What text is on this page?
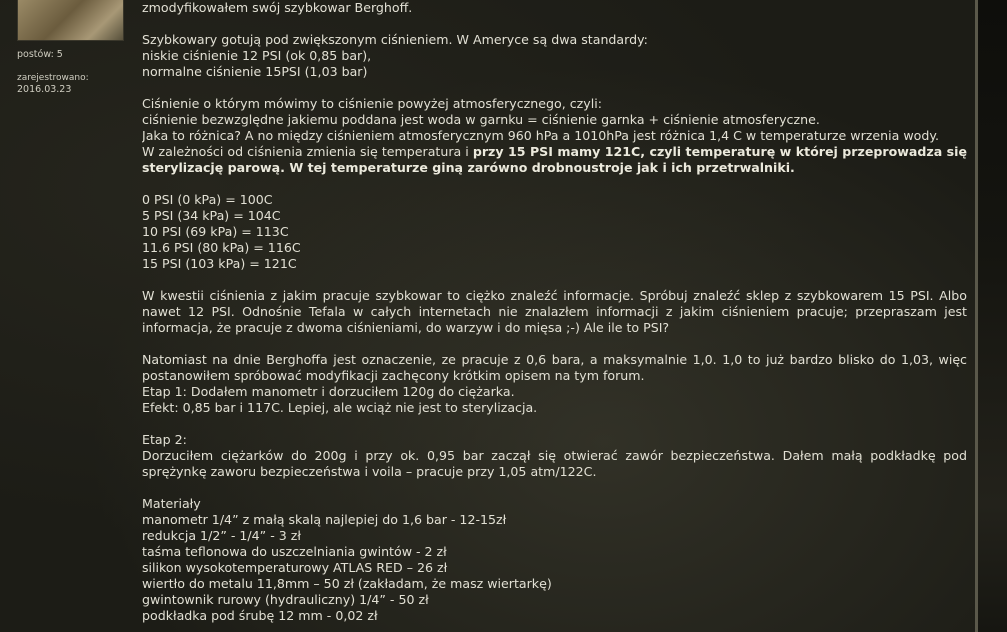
postów: 5
zarejestrowano:
2016.03.23
zmodyfikowałem swój szybkowar Berghoff.
Szybkowary gotują pod zwiększonym ciśnieniem. W Ameryce są dwa standardy:
niskie ciśnienie 12 PSI (ok 0,85 bar),
normalne ciśnienie 15PSI (1,03 bar)
Ciśnienie o którym mówimy to ciśnienie powyżej atmosferycznego, czyli:
ciśnienie bezwzględne jakiemu poddana jest woda w garnku = ciśnienie garnka + ciśnienie atmosferyczne.
Jaka to różnica? A no między ciśnieniem atmosferycznym 960 hPa a 1010hPa jest różnica 1,4 C w temperaturze wrzenia wody.
W zależności od ciśnienia zmienia się temperatura i przy 15 PSI mamy 121C, czyli temperaturę w której przeprowadza się sterylizację parową. W tej temperaturze giną zarówno drobnoustroje jak i ich przetrwalniki.
0 PSI (0 kPa) = 100C
5 PSI (34 kPa) = 104C
10 PSI (69 kPa) = 113C
11.6 PSI (80 kPa) = 116C
15 PSI (103 kPa) = 121C
W kwestii ciśnienia z jakim pracuje szybkowar to ciężko znaleźć informacje. Spróbuj znaleźć sklep z szybkowarem 15 PSI. Albo nawet 12 PSI. Odnośnie Tefala w całych internetach nie znalazłem informacji z jakim ciśnieniem pracuje; przepraszam jest informacja, że pracuje z dwoma ciśnieniami, do warzyw i do mięsa ;-) Ale ile to PSI?
Natomiast na dnie Berghoffa jest oznaczenie, ze pracuje z 0,6 bara, a maksymalnie 1,0. 1,0 to już bardzo blisko do 1,03, więc postanowiłem spróbować modyfikacji zachęcony krótkim opisem na tym forum.
Etap 1: Dodałem manometr i dorzuciłem 120g do ciężarka.
Efekt: 0,85 bar i 117C. Lepiej, ale wciąż nie jest to sterylizacja.
Etap 2:
Dorzuciłem ciężarków do 200g i przy ok. 0,95 bar zaczął się otwierać zawór bezpieczeństwa. Dałem małą podkładkę pod sprężynkę zaworu bezpieczeństwa i voila – pracuje przy 1,05 atm/122C.
Materiały
manometr 1/4” z małą skalą najlepiej do 1,6 bar - 12-15zł
redukcja 1/2” - 1/4” - 3 zł
taśma teflonowa do uszczelniania gwintów - 2 zł
silikon wysokotemperaturowy ATLAS RED – 26 zł
wiertło do metalu 11,8mm – 50 zł (zakładam, że masz wiertarkę)
gwintownik rurowy (hydrauliczny) 1/4” - 50 zł
podkładka pod śrubę 12 mm - 0,02 zł
